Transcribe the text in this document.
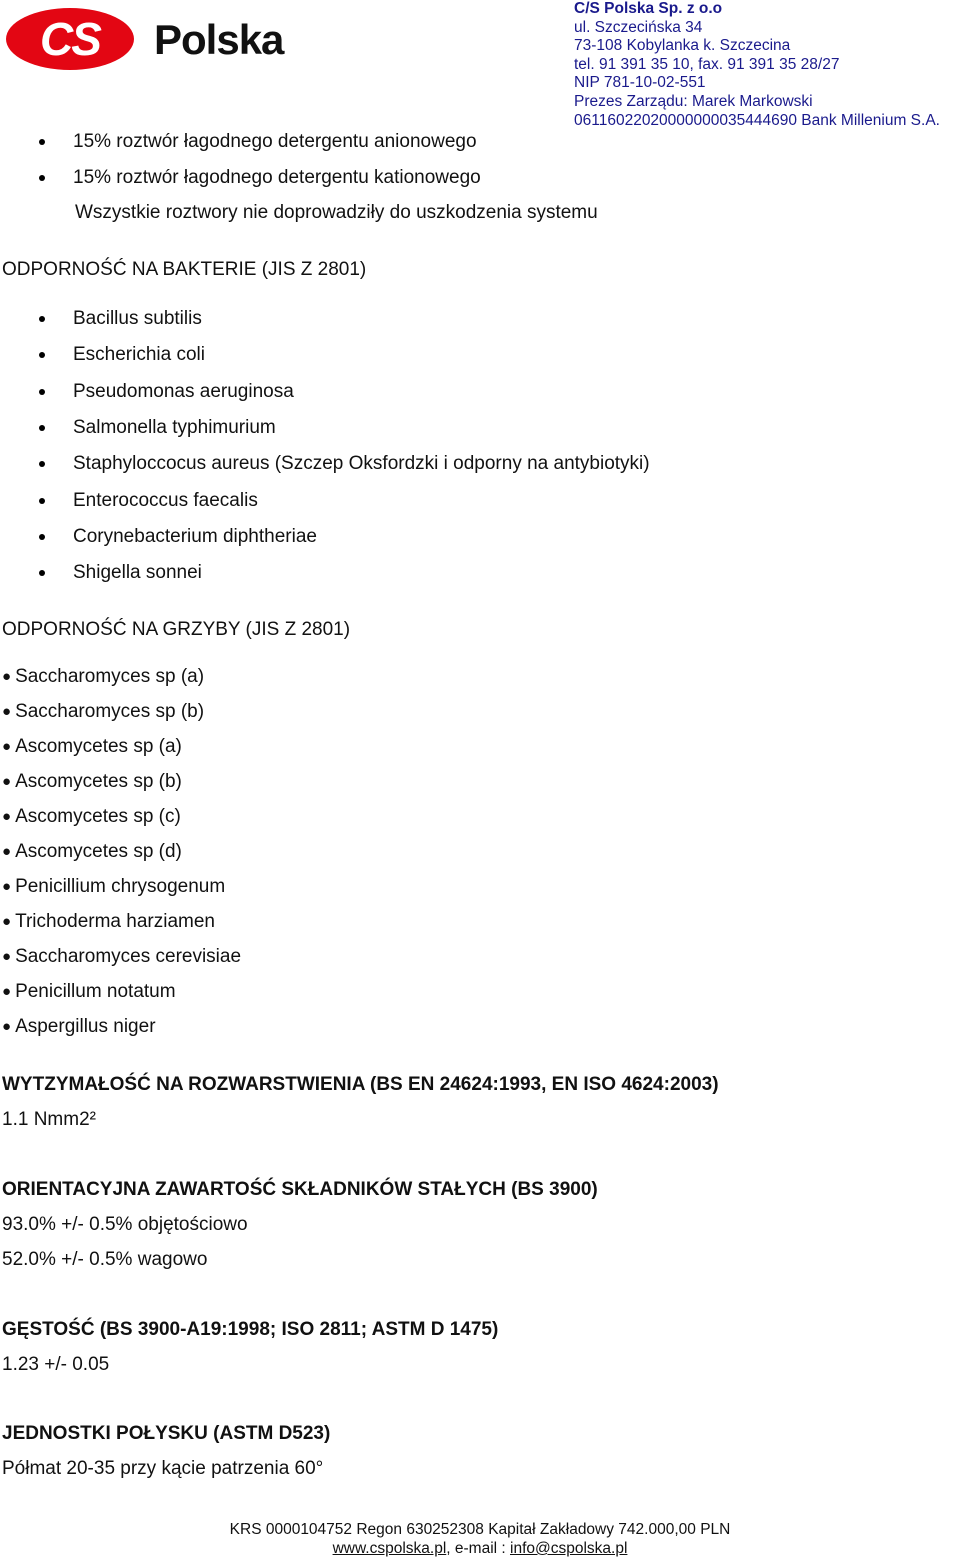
CS	Polska
C/S Polska Sp. z o.o
ul. Szczecińska 34
73-108 Kobylanka k. Szczecina
tel. 91 391 35 10, fax. 91 391 35 28/27
NIP 781-10-02-551
Prezes Zarządu: Marek Markowski
06116022020000000035444690 Bank Millenium S.A.
15% roztwór łagodnego detergentu anionowego
15% roztwór łagodnego detergentu kationowego
Wszystkie roztwory nie doprowadziły do uszkodzenia systemu
ODPORNOŚĆ NA BAKTERIE (JIS Z 2801)
Bacillus subtilis
Escherichia coli
Pseudomonas aeruginosa
Salmonella typhimurium
Staphyloccocus aureus (Szczep Oksfordzki i odporny na antybiotyki)
Enterococcus faecalis
Corynebacterium diphtheriae
Shigella sonnei
ODPORNOŚĆ NA GRZYBY (JIS Z 2801)
● Saccharomyces sp (a)
● Saccharomyces sp (b)
● Ascomycetes sp (a)
● Ascomycetes sp (b)
● Ascomycetes sp (c)
● Ascomycetes sp (d)
● Penicillium chrysogenum
● Trichoderma harziamen
● Saccharomyces cerevisiae
● Penicillum notatum
● Aspergillus niger
WYTZYMAŁOŚĆ NA ROZWARSTWIENIA (BS EN 24624:1993, EN ISO 4624:2003)
1.1 Nmm2²
ORIENTACYJNA ZAWARTOŚĆ SKŁADNIKÓW STAŁYCH (BS 3900)
93.0% +/- 0.5% objętościowo
52.0% +/- 0.5% wagowo
GĘSTOŚĆ (BS 3900-A19:1998; ISO 2811; ASTM D 1475)
1.23 +/- 0.05
JEDNOSTKI POŁYSKU (ASTM D523)
Półmat 20-35 przy kącie patrzenia 60°
KRS 0000104752 Regon 630252308 Kapitał Zakładowy 742.000,00 PLN
www.cspolska.pl, e-mail : info@cspolska.pl
